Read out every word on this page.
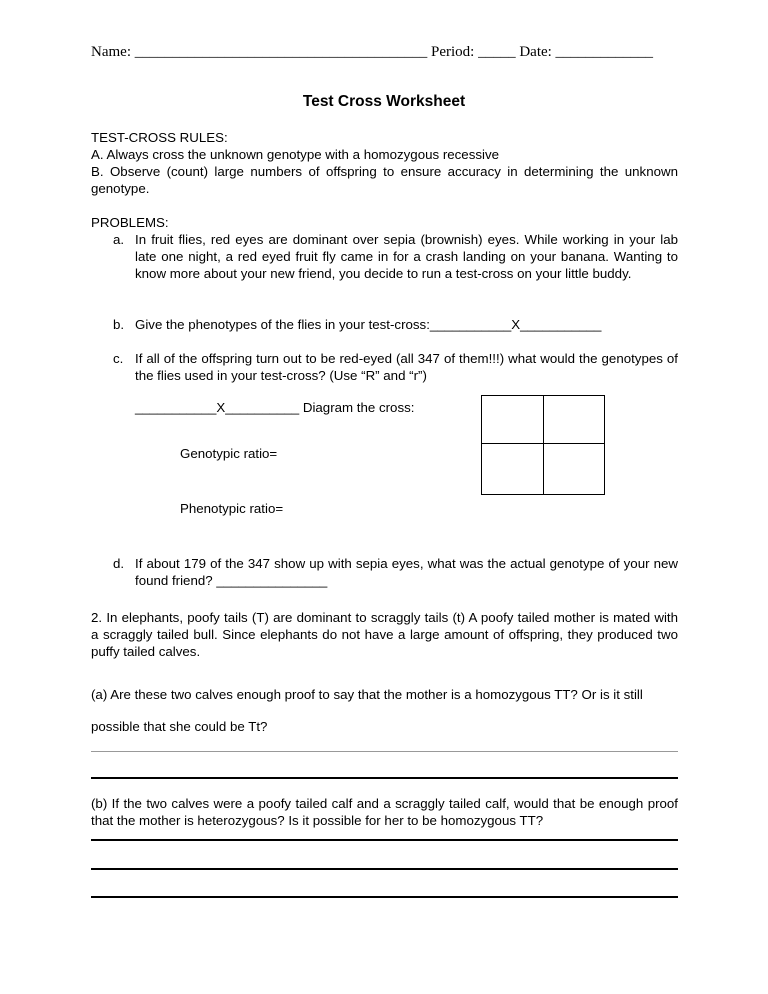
Name: _______________________________________ Period: _____ Date: _____________
Test Cross Worksheet
TEST-CROSS RULES:
A. Always cross the unknown genotype with a homozygous recessive
B. Observe (count) large numbers of offspring to ensure accuracy in determining the unknown genotype.
PROBLEMS:
a. In fruit flies, red eyes are dominant over sepia (brownish) eyes. While working in your lab late one night, a red eyed fruit fly came in for a crash landing on your banana. Wanting to know more about your new friend, you decide to run a test-cross on your little buddy.
b. Give the phenotypes of the flies in your test-cross:___________X___________
c. If all of the offspring turn out to be red-eyed (all 347 of them!!!) what would the genotypes of the flies used in your test-cross? (Use “R” and “r”)
___________X__________ Diagram the cross:
Genotypic ratio=
Phenotypic ratio=
d. If about 179 of the 347 show up with sepia eyes, what was the actual genotype of your new found friend? _______________
2. In elephants, poofy tails (T) are dominant to scraggly tails (t) A poofy tailed mother is mated with a scraggly tailed bull. Since elephants do not have a large amount of offspring, they produced two puffy tailed calves.
(a) Are these two calves enough proof to say that the mother is a homozygous TT? Or is it still possible that she could be Tt?
(b) If the two calves were a poofy tailed calf and a scraggly tailed calf, would that be enough proof that the mother is heterozygous? Is it possible for her to be homozygous TT?
